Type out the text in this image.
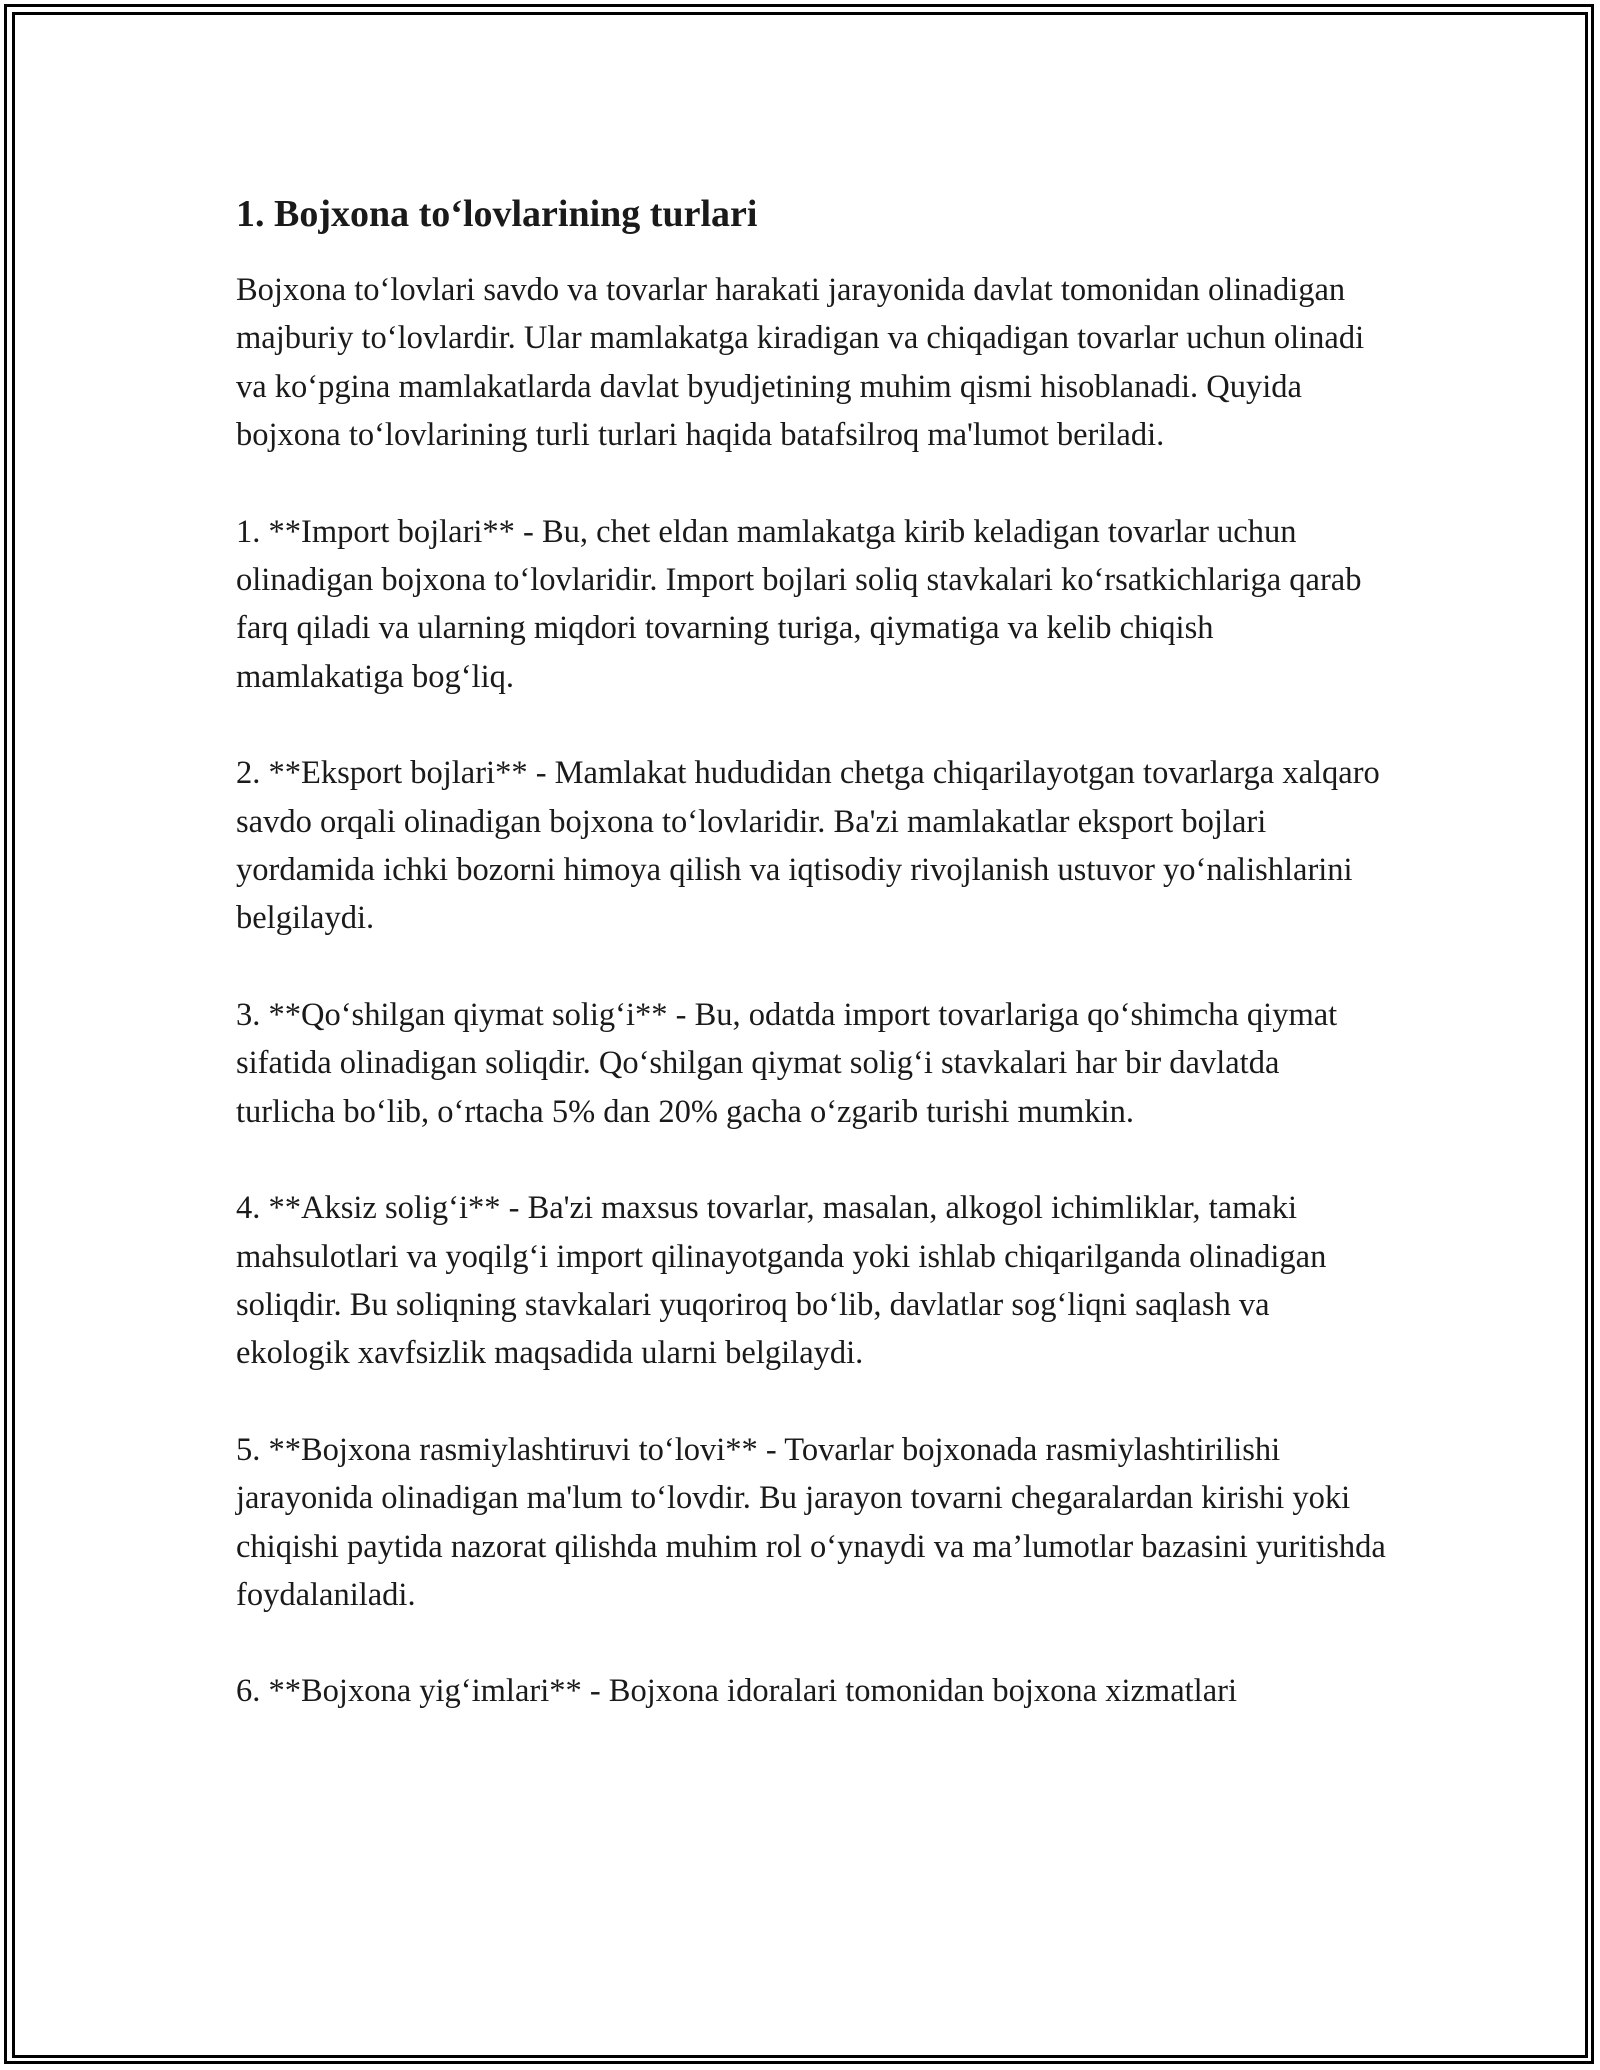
1. Bojxona to‘lovlarining turlari

Bojxona to‘lovlari savdo va tovarlar harakati jarayonida davlat tomonidan olinadigan majburiy to‘lovlardir. Ular mamlakatga kiradigan va chiqadigan tovarlar uchun olinadi va ko‘pgina mamlakatlarda davlat byudjetining muhim qismi hisoblanadi. Quyida bojxona to‘lovlarining turli turlari haqida batafsilroq ma'lumot beriladi.

1. **Import bojlari** - Bu, chet eldan mamlakatga kirib keladigan tovarlar uchun olinadigan bojxona to‘lovlaridir. Import bojlari soliq stavkalari ko‘rsatkichlariga qarab farq qiladi va ularning miqdori tovarning turiga, qiymatiga va kelib chiqish mamlakatiga bog‘liq.

2. **Eksport bojlari** - Mamlakat hududidan chetga chiqarilayotgan tovarlarga xalqaro savdo orqali olinadigan bojxona to‘lovlaridir. Ba'zi mamlakatlar eksport bojlari yordamida ichki bozorni himoya qilish va iqtisodiy rivojlanish ustuvor yo‘nalishlarini belgilaydi.

3. **Qo‘shilgan qiymat solig‘i** - Bu, odatda import tovarlariga qo‘shimcha qiymat sifatida olinadigan soliqdir. Qo‘shilgan qiymat solig‘i stavkalari har bir davlatda turlicha bo‘lib, o‘rtacha 5% dan 20% gacha o‘zgarib turishi mumkin.

4. **Aksiz solig‘i** - Ba'zi maxsus tovarlar, masalan, alkogol ichimliklar, tamaki mahsulotlari va yoqilg‘i import qilinayotganda yoki ishlab chiqarilganda olinadigan soliqdir. Bu soliqning stavkalari yuqoriroq bo‘lib, davlatlar sog‘liqni saqlash va ekologik xavfsizlik maqsadida ularni belgilaydi.

5. **Bojxona rasmiylashtiruvi to‘lovi** - Tovarlar bojxonada rasmiylashtirilishi jarayonida olinadigan ma'lum to‘lovdir. Bu jarayon tovarni chegaralardan kirishi yoki chiqishi paytida nazorat qilishda muhim rol o‘ynaydi va ma’lumotlar bazasini yuritishda foydalaniladi.

6. **Bojxona yig‘imlari** - Bojxona idoralari tomonidan bojxona xizmatlari
